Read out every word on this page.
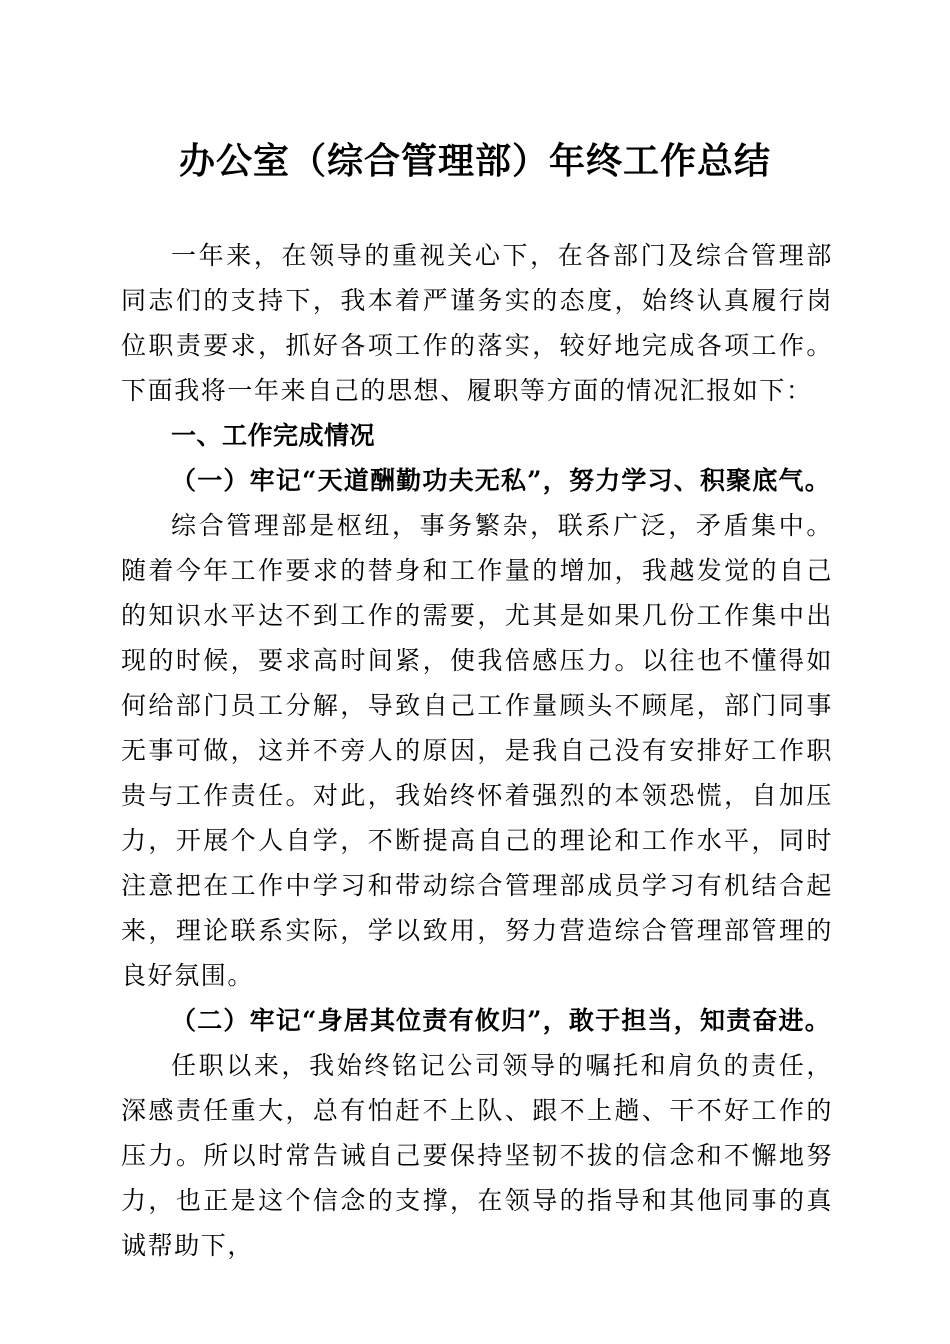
办公室（综合管理部）年终工作总结

一年来，在领导的重视关心下，在各部门及综合管理部同志们的支持下，我本着严谨务实的态度，始终认真履行岗位职责要求，抓好各项工作的落实，较好地完成各项工作。下面我将一年来自己的思想、履职等方面的情况汇报如下：

一、工作完成情况

（一）牢记“天道酬勤功夫无私”，努力学习、积聚底气。

综合管理部是枢纽，事务繁杂，联系广泛，矛盾集中。随着今年工作要求的替身和工作量的增加，我越发觉的自己的知识水平达不到工作的需要，尤其是如果几份工作集中出现的时候，要求高时间紧，使我倍感压力。以往也不懂得如何给部门员工分解，导致自己工作量顾头不顾尾，部门同事无事可做，这并不旁人的原因，是我自己没有安排好工作职贵与工作责任。对此，我始终怀着强烈的本领恐慌，自加压力，开展个人自学，不断提高自己的理论和工作水平，同时注意把在工作中学习和带动综合管理部成员学习有机结合起来，理论联系实际，学以致用，努力营造综合管理部管理的良好氛围。

（二）牢记“身居其位责有攸归”，敢于担当，知责奋进。

任职以来，我始终铭记公司领导的嘱托和肩负的责任，深感责任重大，总有怕赶不上队、跟不上趟、干不好工作的压力。所以时常告诫自己要保持坚韧不拔的信念和不懈地努力，也正是这个信念的支撑，在领导的指导和其他同事的真诚帮助下，
